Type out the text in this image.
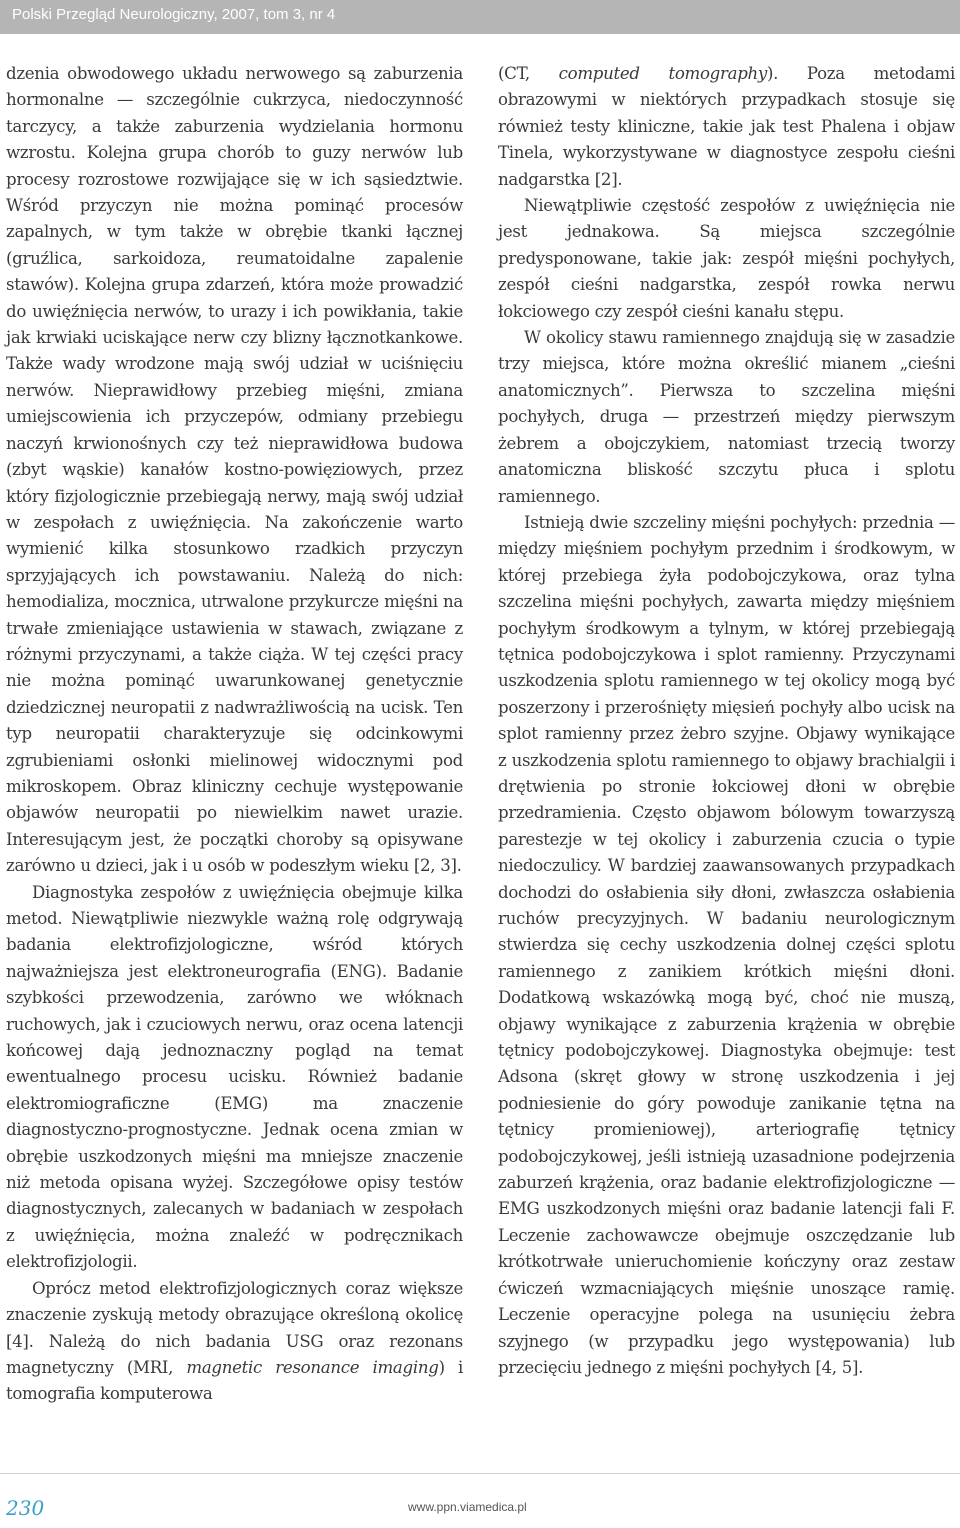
Polski Przegląd Neurologiczny, 2007, tom 3, nr 4

dzenia obwodowego układu nerwowego są zaburzenia hormonalne — szczególnie cukrzyca, niedoczynność tarczycy, a także zaburzenia wydzielania hormonu wzrostu. Kolejna grupa chorób to guzy nerwów lub procesy rozrostowe rozwijające się w ich sąsiedztwie. Wśród przyczyn nie można pominąć procesów zapalnych, w tym także w obrębie tkanki łącznej (gruźlica, sarkoidoza, reumatoidalne zapalenie stawów). Kolejna grupa zdarzeń, która może prowadzić do uwięźnięcia nerwów, to urazy i ich powikłania, takie jak krwiaki uciskające nerw czy blizny łącznotkankowe. Także wady wrodzone mają swój udział w uciśnięciu nerwów. Nieprawidłowy przebieg mięśni, zmiana umiejscowienia ich przyczepów, odmiany przebiegu naczyń krwionośnych czy też nieprawidłowa budowa (zbyt wąskie) kanałów kostno-powięziowych, przez który fizjologicznie przebiegają nerwy, mają swój udział w zespołach z uwięźnięcia. Na zakończenie warto wymienić kilka stosunkowo rzadkich przyczyn sprzyjających ich powstawaniu. Należą do nich: hemodializa, mocznica, utrwalone przykurcze mięśni na trwałe zmieniające ustawienia w stawach, związane z różnymi przyczynami, a także ciąża. W tej części pracy nie można pominąć uwarunkowanej genetycznie dziedzicznej neuropatii z nadwrażliwością na ucisk. Ten typ neuropatii charakteryzuje się odcinkowymi zgrubieniami osłonki mielinowej widocznymi pod mikroskopem. Obraz kliniczny cechuje występowanie objawów neuropatii po niewielkim nawet urazie. Interesującym jest, że początki choroby są opisywane zarówno u dzieci, jak i u osób w podeszłym wieku [2, 3].

Diagnostyka zespołów z uwięźnięcia obejmuje kilka metod. Niewątpliwie niezwykle ważną rolę odgrywają badania elektrofizjologiczne, wśród których najważniejsza jest elektroneurografia (ENG). Badanie szybkości przewodzenia, zarówno we włóknach ruchowych, jak i czuciowych nerwu, oraz ocena latencji końcowej dają jednoznaczny pogląd na temat ewentualnego procesu ucisku. Również badanie elektromiograficzne (EMG) ma znaczenie diagnostyczno-prognostyczne. Jednak ocena zmian w obrębie uszkodzonych mięśni ma mniejsze znaczenie niż metoda opisana wyżej. Szczegółowe opisy testów diagnostycznych, zalecanych w badaniach w zespołach z uwięźnięcia, można znaleźć w podręcznikach elektrofizjologii.

Oprócz metod elektrofizjologicznych coraz większe znaczenie zyskują metody obrazujące określoną okolicę [4]. Należą do nich badania USG oraz rezonans magnetyczny (MRI, magnetic resonance imaging) i tomografia komputerowa

(CT, computed tomography). Poza metodami obrazowymi w niektórych przypadkach stosuje się również testy kliniczne, takie jak test Phalena i objaw Tinela, wykorzystywane w diagnostyce zespołu cieśni nadgarstka [2].

Niewątpliwie częstość zespołów z uwięźnięcia nie jest jednakowa. Są miejsca szczególnie predysponowane, takie jak: zespół mięśni pochyłych, zespół cieśni nadgarstka, zespół rowka nerwu łokciowego czy zespół cieśni kanału stępu.

W okolicy stawu ramiennego znajdują się w zasadzie trzy miejsca, które można określić mianem „cieśni anatomicznych”. Pierwsza to szczelina mięśni pochyłych, druga — przestrzeń między pierwszym żebrem a obojczykiem, natomiast trzecią tworzy anatomiczna bliskość szczytu płuca i splotu ramiennego.

Istnieją dwie szczeliny mięśni pochyłych: przednia — między mięśniem pochyłym przednim i środkowym, w której przebiega żyła podobojczykowa, oraz tylna szczelina mięśni pochyłych, zawarta między mięśniem pochyłym środkowym a tylnym, w której przebiegają tętnica podobojczykowa i splot ramienny. Przyczynami uszkodzenia splotu ramiennego w tej okolicy mogą być poszerzony i przerośnięty mięsień pochyły albo ucisk na splot ramienny przez żebro szyjne. Objawy wynikające z uszkodzenia splotu ramiennego to objawy brachialgii i drętwienia po stronie łokciowej dłoni w obrębie przedramienia. Często objawom bólowym towarzyszą parestezje w tej okolicy i zaburzenia czucia o typie niedoczulicy. W bardziej zaawansowanych przypadkach dochodzi do osłabienia siły dłoni, zwłaszcza osłabienia ruchów precyzyjnych. W badaniu neurologicznym stwierdza się cechy uszkodzenia dolnej części splotu ramiennego z zanikiem krótkich mięśni dłoni. Dodatkową wskazówką mogą być, choć nie muszą, objawy wynikające z zaburzenia krążenia w obrębie tętnicy podobojczykowej. Diagnostyka obejmuje: test Adsona (skręt głowy w stronę uszkodzenia i jej podniesienie do góry powoduje zanikanie tętna na tętnicy promieniowej), arteriografię tętnicy podobojczykowej, jeśli istnieją uzasadnione podejrzenia zaburzeń krążenia, oraz badanie elektrofizjologiczne — EMG uszkodzonych mięśni oraz badanie latencji fali F. Leczenie zachowawcze obejmuje oszczędzanie lub krótkotrwałe unieruchomienie kończyny oraz zestaw ćwiczeń wzmacniających mięśnie unoszące ramię. Leczenie operacyjne polega na usunięciu żebra szyjnego (w przypadku jego występowania) lub przecięciu jednego z mięśni pochyłych [4, 5].

230	www.ppn.viamedica.pl
